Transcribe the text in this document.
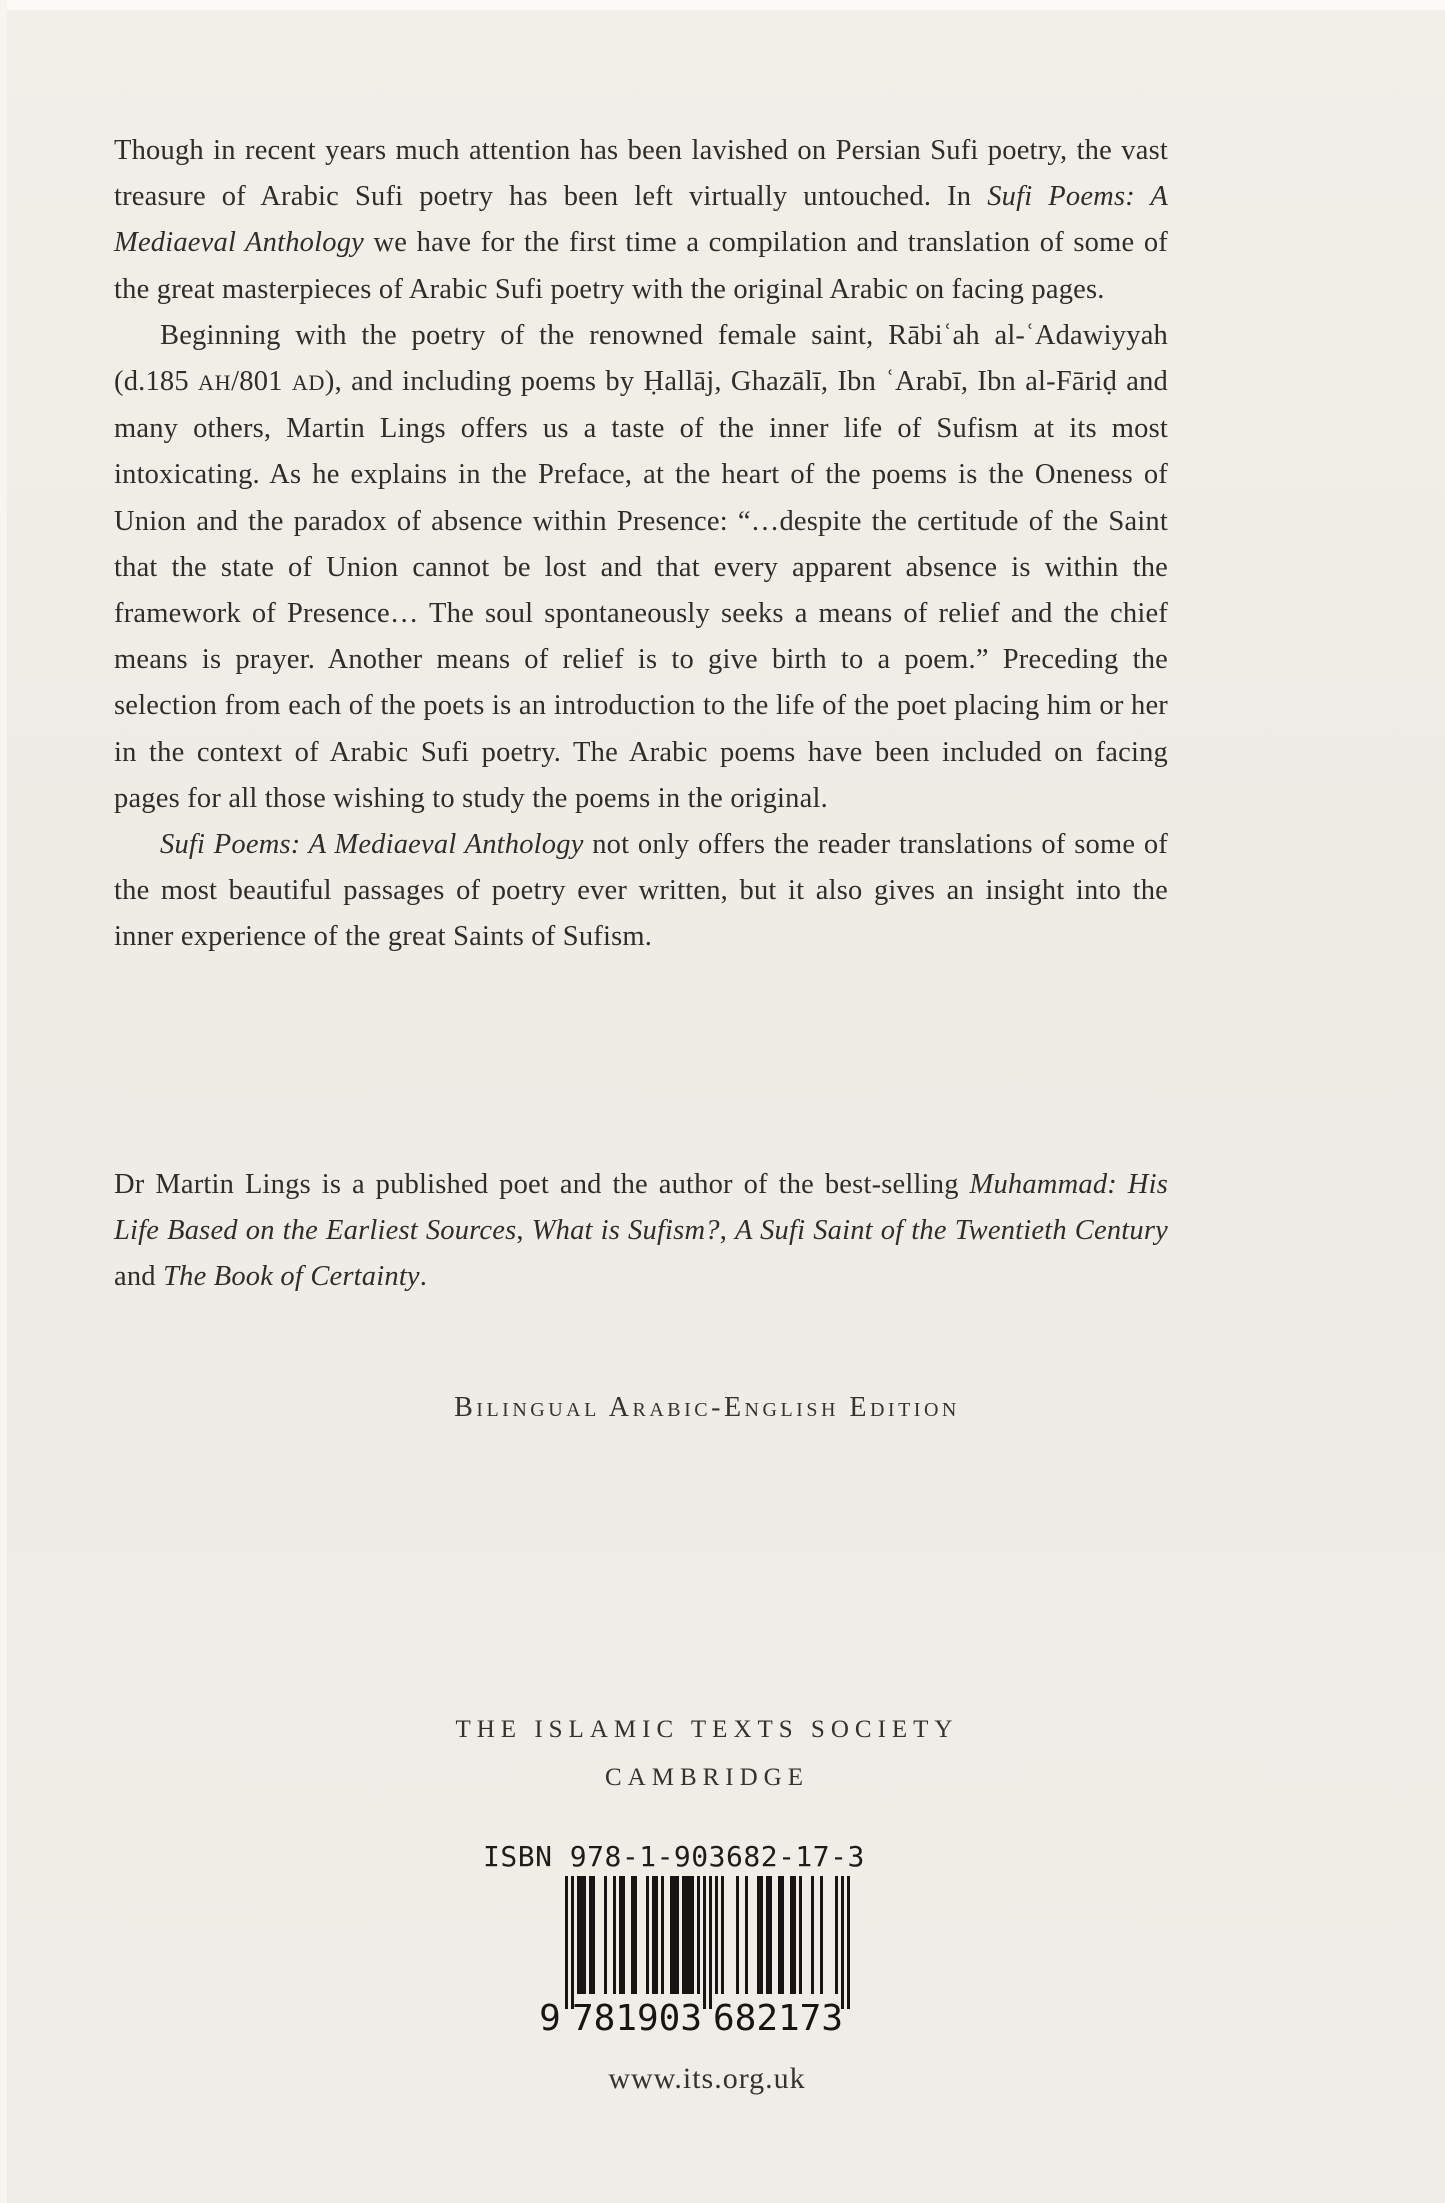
Though in recent years much attention has been lavished on Persian Sufi poetry, the vast treasure of Arabic Sufi poetry has been left virtually untouched. In Sufi Poems: A Mediaeval Anthology we have for the first time a compilation and translation of some of the great masterpieces of Arabic Sufi poetry with the original Arabic on facing pages.

Beginning with the poetry of the renowned female saint, Rābiʿah al-ʿAdawiyyah (d.185 AH/801 AD), and including poems by Ḥallāj, Ghazālī, Ibn ʿArabī, Ibn al-Fāriḍ and many others, Martin Lings offers us a taste of the inner life of Sufism at its most intoxicating. As he explains in the Preface, at the heart of the poems is the Oneness of Union and the paradox of absence within Presence: “…despite the certitude of the Saint that the state of Union cannot be lost and that every apparent absence is within the framework of Presence… The soul spontaneously seeks a means of relief and the chief means is prayer. Another means of relief is to give birth to a poem.” Preceding the selection from each of the poets is an introduction to the life of the poet placing him or her in the context of Arabic Sufi poetry. The Arabic poems have been included on facing pages for all those wishing to study the poems in the original.

Sufi Poems: A Mediaeval Anthology not only offers the reader translations of some of the most beautiful passages of poetry ever written, but it also gives an insight into the inner experience of the great Saints of Sufism.

Dr Martin Lings is a published poet and the author of the best-selling Muhammad: His Life Based on the Earliest Sources, What is Sufism?, A Sufi Saint of the Twentieth Century and The Book of Certainty.

Bilingual Arabic-English Edition
THE ISLAMIC TEXTS SOCIETY
CAMBRIDGE
ISBN 978-1-903682-17-3
9 781903 682173
www.its.org.uk
